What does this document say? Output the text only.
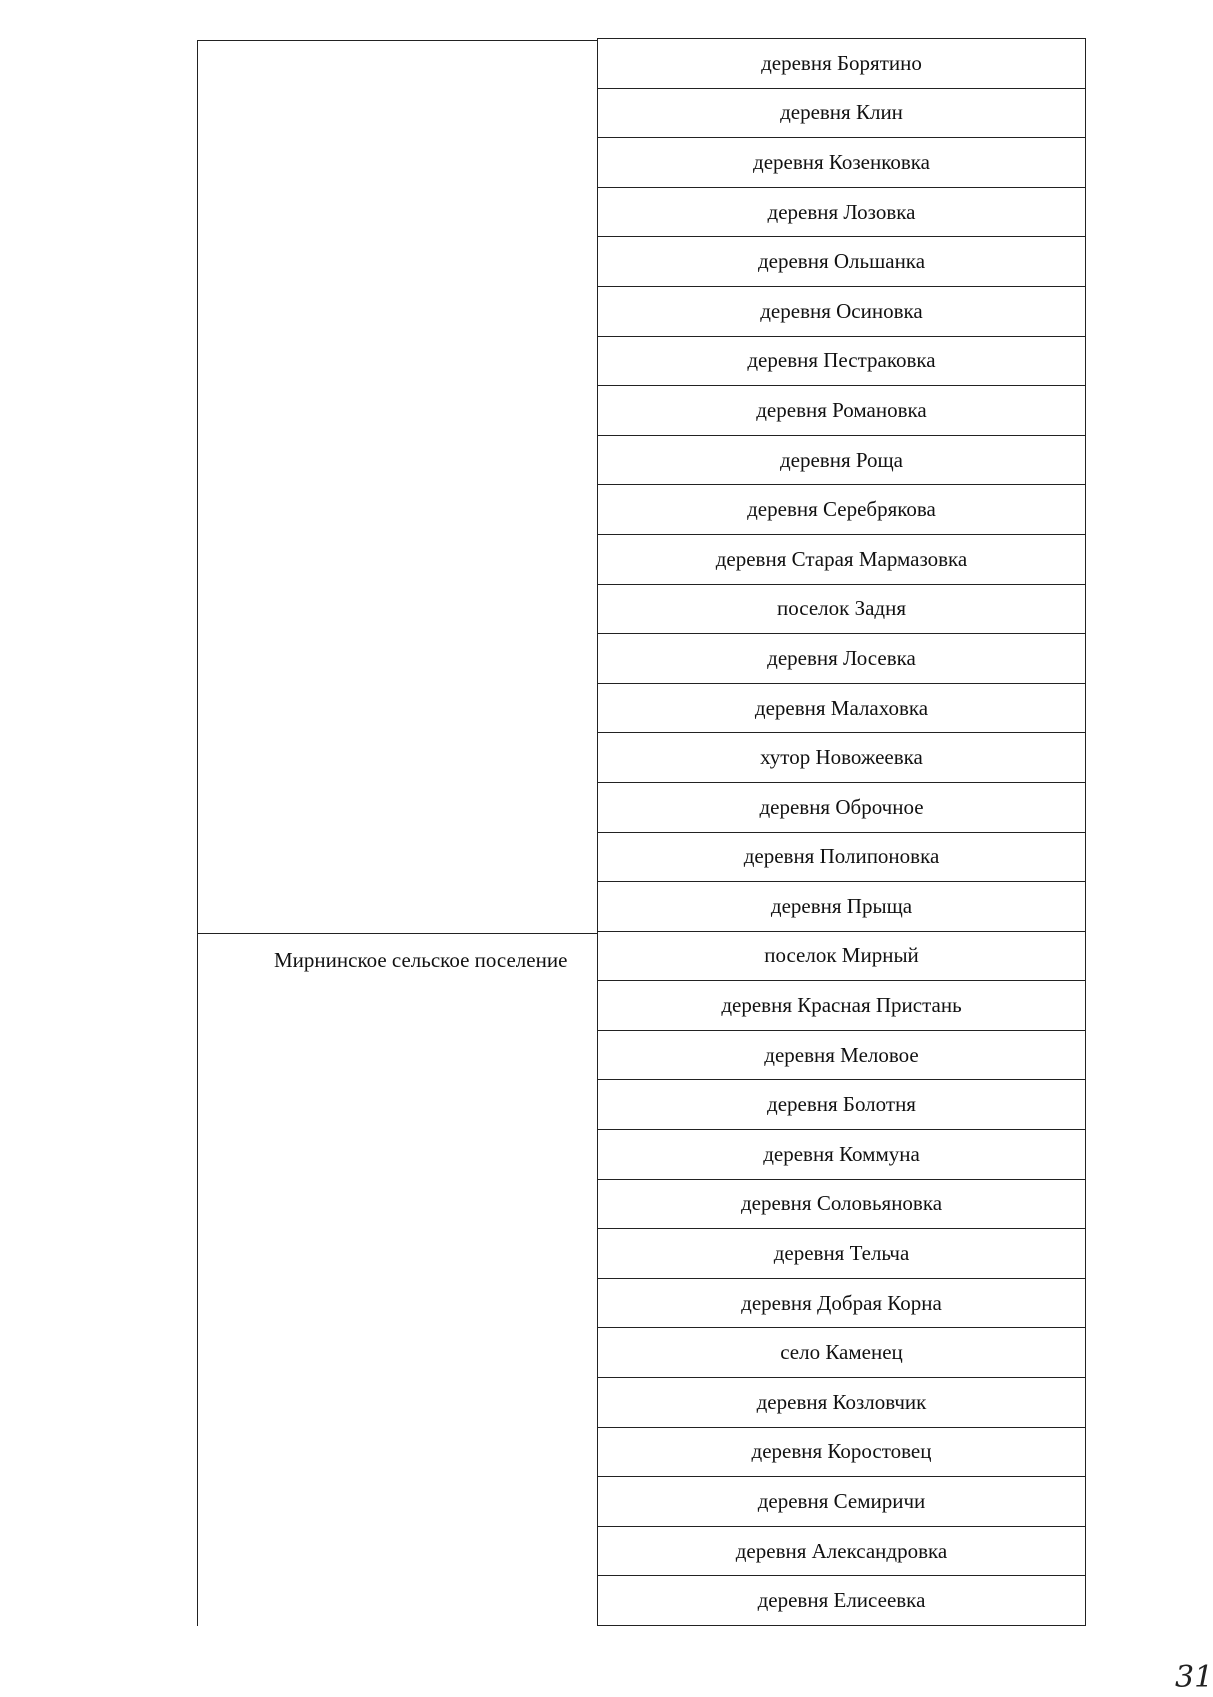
Мирнинское сельское поселение
деревня Борятино
деревня Клин
деревня Козенковка
деревня Лозовка
деревня Ольшанка
деревня Осиновка
деревня Пестраковка
деревня Романовка
деревня Роща
деревня Серебрякова
деревня Старая Мармазовка
поселок Задня
деревня Лосевка
деревня Малаховка
хутор Новожеевка
деревня Оброчное
деревня Полипоновка
деревня Прыща
поселок Мирный
деревня Красная Пристань
деревня Меловое
деревня Болотня
деревня Коммуна
деревня Соловьяновка
деревня Тельча
деревня Добрая Корна
село Каменец
деревня Козловчик
деревня Коростовец
деревня Семиричи
деревня Александровка
деревня Елисеевка
31
